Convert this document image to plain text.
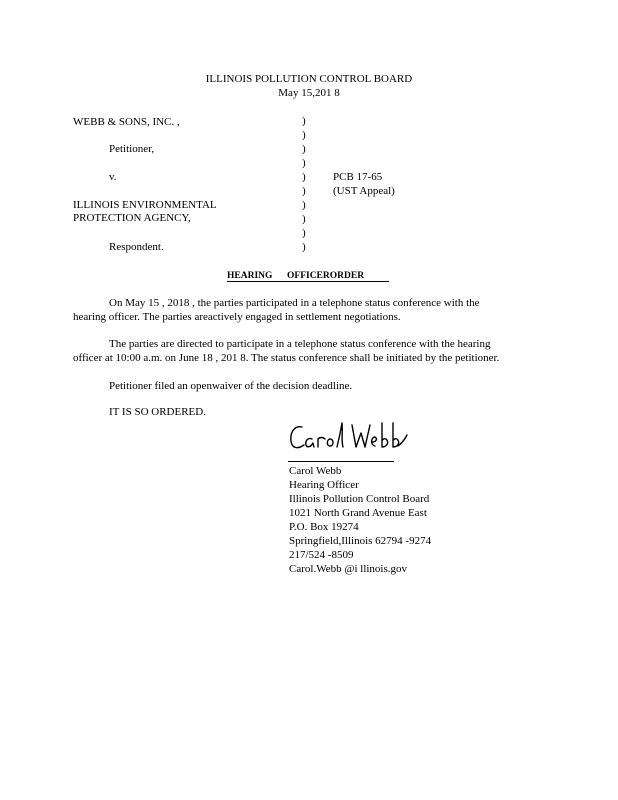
ILLINOIS POLLUTION CONTROL BOARD
May 15,201 8
WEBB & SONS, INC. ,
Petitioner,
v.
ILLINOIS ENVIRONMENTAL
PROTECTION AGENCY,
Respondent.
)
)
)
)
)
)
)
)
)
)
PCB 17-65
(UST Appeal)
HEARING OFFICERORDER
On May 15 , 2018 , the parties participated in a telephone status conference with the
hearing officer. The parties areactively engaged in settlement negotiations.
The parties are directed to participate in a telephone status conference with the hearing
officer at 10:00 a.m. on June 18 , 201 8. The status conference shall be initiated by the petitioner.
Petitioner filed an openwaiver of the decision deadline.
IT IS SO ORDERED.
Carol Webb
Hearing Officer
Illinois Pollution Control Board
1021 North Grand Avenue East
P.O. Box 19274
Springfield,Illinois 62794 -9274
217/524 -8509
Carol.Webb @i llinois.gov
